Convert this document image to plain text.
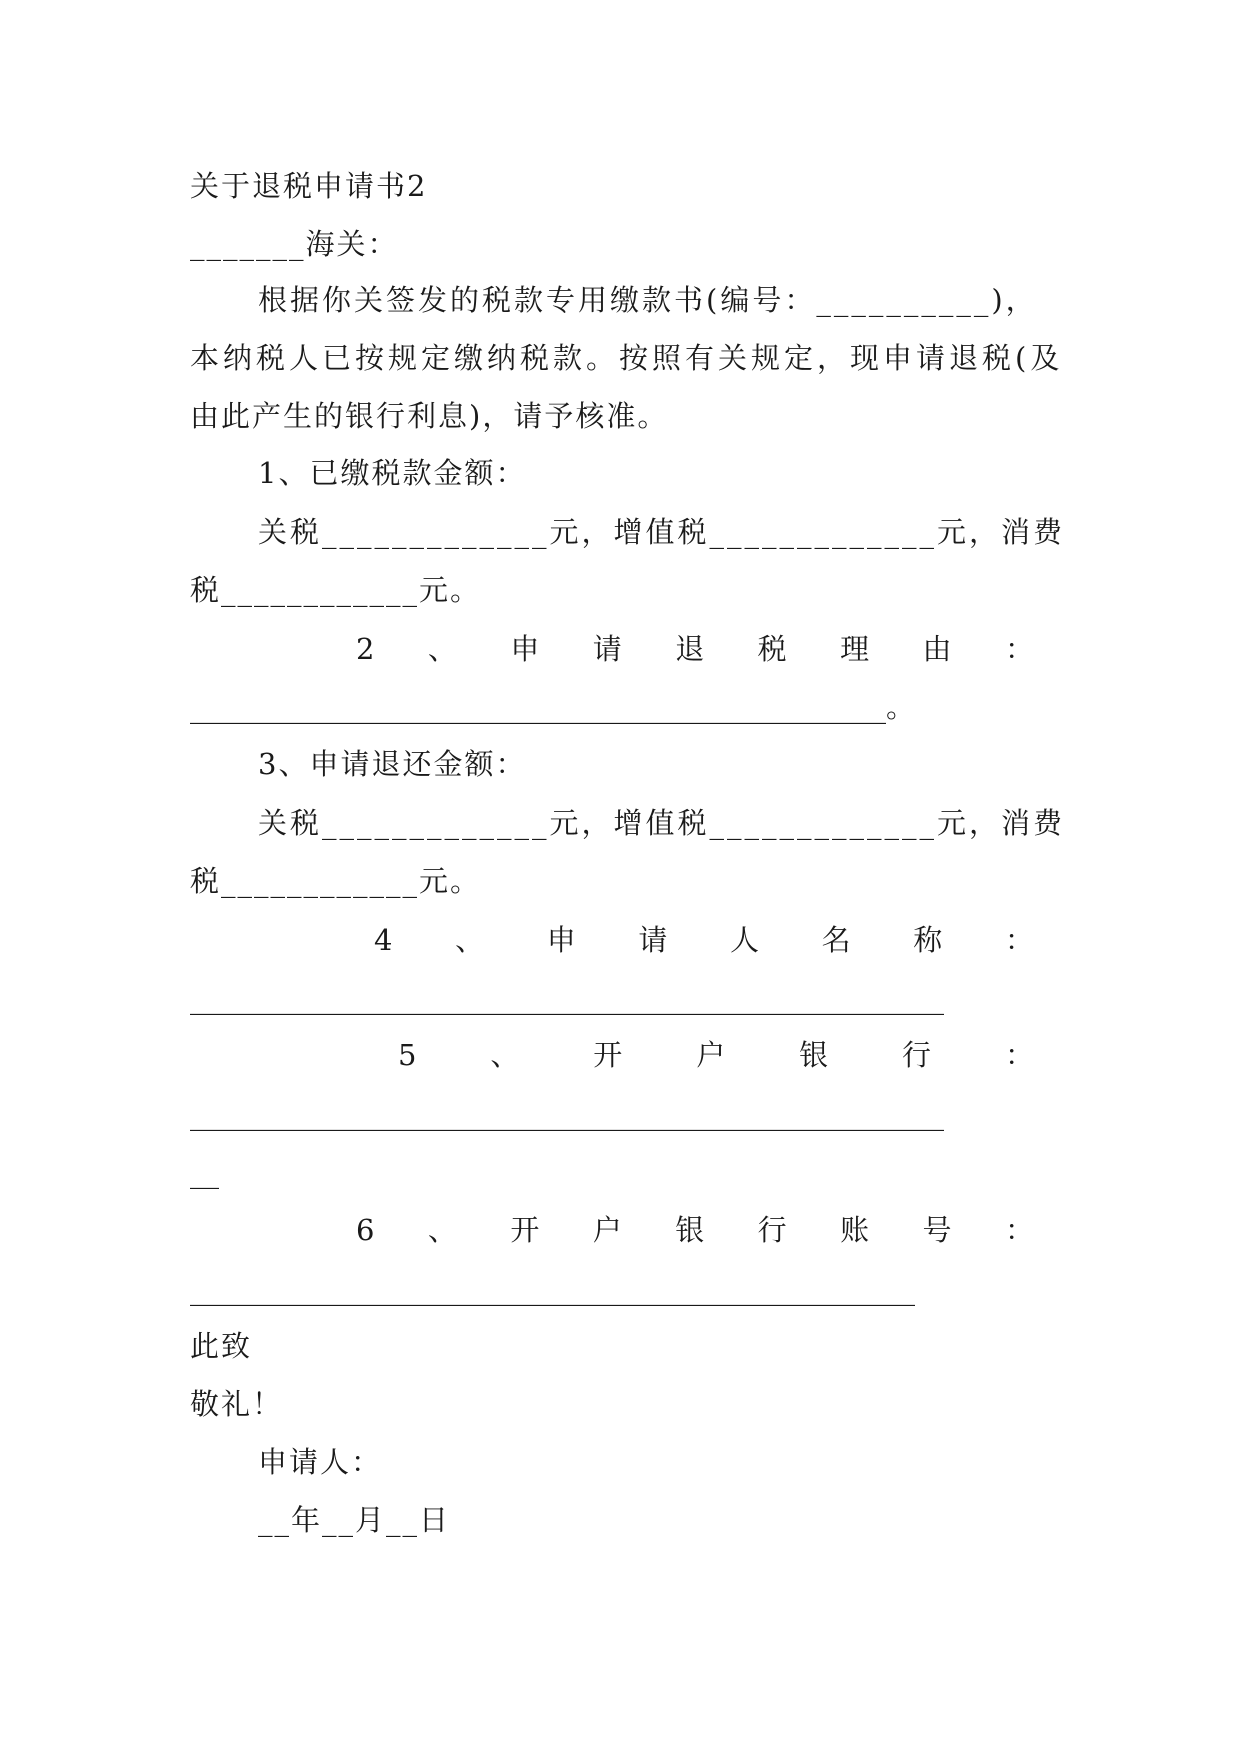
关于退税申请书2
_______海关：
根据你关签发的税款专用缴款书(编号：__________)，
本纳税人已按规定缴纳税款。按照有关规定，现申请退税(及
由此产生的银行利息)，请予核准。
1、已缴税款金额：
关税_____________元，增值税_____________元，消费
税____________元。
2 、 申 请 退 税 理 由 ：
________________________________________________。
3、申请退还金额：
关税_____________元，增值税_____________元，消费
税____________元。
4 、 申 请 人 名 称 ：
____________________________________________________
5 、 开 户 银 行 ：
____________________________________________________
__
6 、 开 户 银 行 账 号 ：
__________________________________________________
此致
敬礼！
申请人：
__年__月__日
